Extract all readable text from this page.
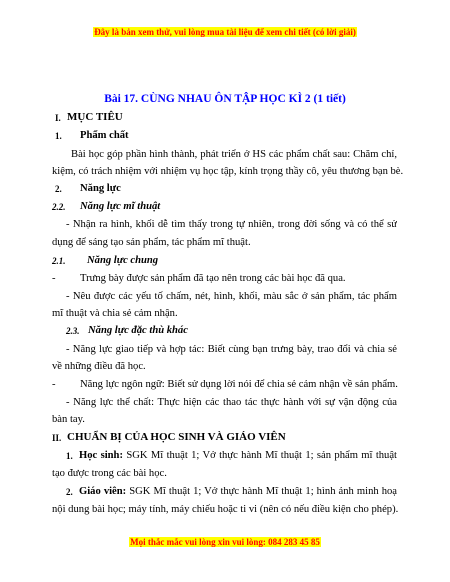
Đây là bản xem thử, vui lòng mua tài liệu để xem chi tiết (có lời giải)
Bài 17. CÙNG NHAU ÔN TẬP HỌC KÌ 2 (1 tiết)
I. MỤC TIÊU
1. Phẩm chất
Bài học góp phần hình thành, phát triển ở HS các phẩm chất sau: Chăm chỉ,
kiệm, có trách nhiệm với nhiệm vụ học tập, kính trọng thầy cô, yêu thương bạn bè.
2. Năng lực
2.2. Năng lực mĩ thuật
- Nhận ra hình, khối dễ tìm thấy trong tự nhiên, trong đời sống và có thể sử
dụng để sáng tạo sản phẩm, tác phẩm mĩ thuật.
2.1. Năng lực chung
- Trưng bày được sản phẩm đã tạo nên trong các bài học đã qua.
- Nêu được các yếu tố chấm, nét, hình, khối, màu sắc ở sản phẩm, tác phẩm
mĩ thuật và chia sẻ cảm nhận.
2.3. Năng lực đặc thù khác
- Năng lực giao tiếp và hợp tác: Biết cùng bạn trưng bày, trao đổi và chia sẻ
về những điều đã học.
- Năng lực ngôn ngữ: Biết sử dụng lời nói để chia sẻ cảm nhận về sản phẩm.
- Năng lực thể chất: Thực hiện các thao tác thực hành với sự vận động của
bàn tay.
II. CHUẨN BỊ CỦA HỌC SINH VÀ GIÁO VIÊN
1. Học sinh: SGK Mĩ thuật 1; Vở thực hành Mĩ thuật 1; sản phẩm mĩ thuật
tạo được trong các bài học.
2. Giáo viên: SGK Mĩ thuật 1; Vở thực hành Mĩ thuật 1; hình ảnh minh hoạ
nội dung bài học; máy tính, máy chiếu hoặc ti vi (nên có nếu điều kiện cho phép).
Mọi thắc mắc vui lòng xin vui lòng: 084 283 45 85
